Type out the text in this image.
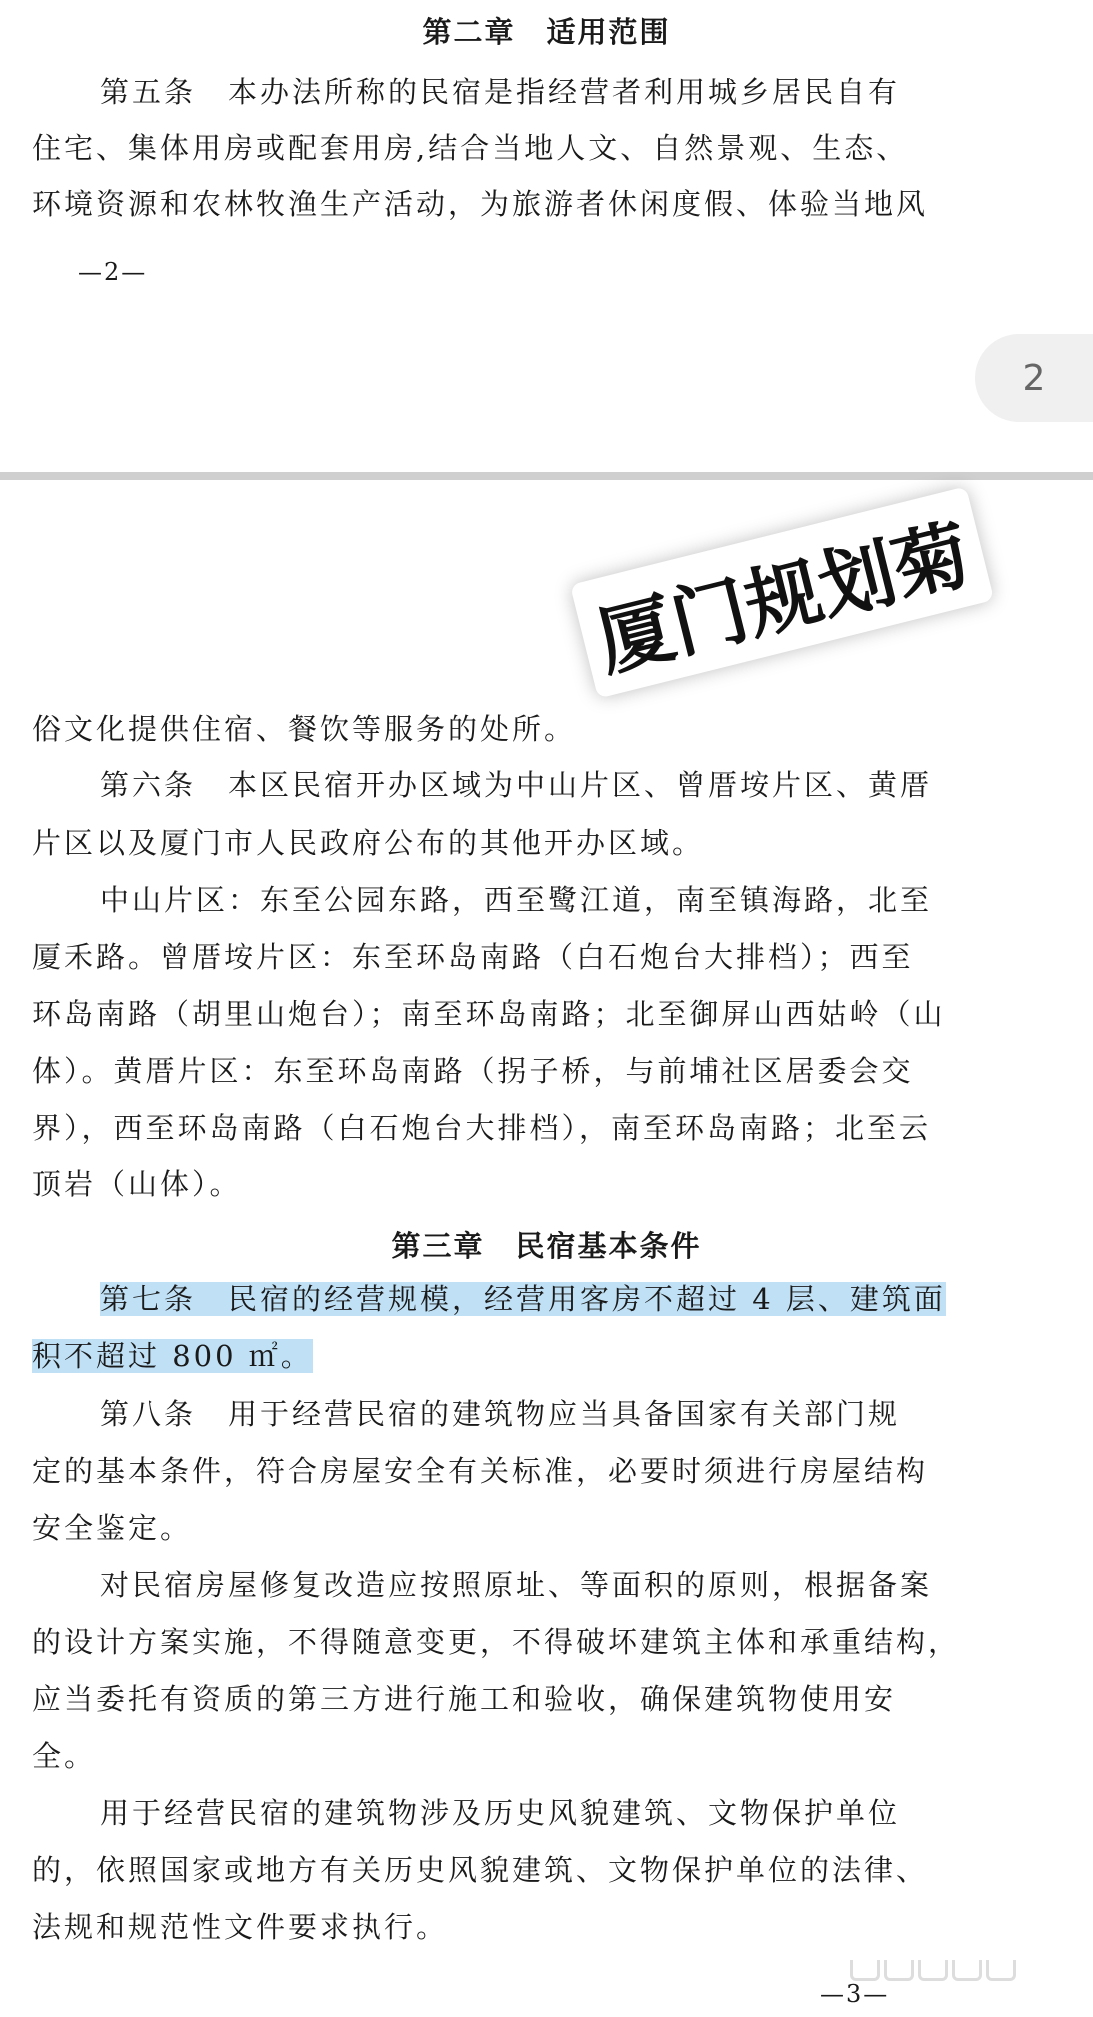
第二章　适用范围
第五条　本办法所称的民宿是指经营者利用城乡居民自有
住宅、集体用房或配套用房,结合当地人文、自然景观、生态、
环境资源和农林牧渔生产活动，为旅游者休闲度假、体验当地风
—2—
2
俗文化提供住宿、餐饮等服务的处所。
第六条　本区民宿开办区域为中山片区、曾厝垵片区、黄厝
片区以及厦门市人民政府公布的其他开办区域。
中山片区：东至公园东路，西至鹭江道，南至镇海路，北至
厦禾路。曾厝垵片区：东至环岛南路（白石炮台大排档）；西至
环岛南路（胡里山炮台）；南至环岛南路；北至御屏山西姑岭（山
体）。黄厝片区：东至环岛南路（拐子桥，与前埔社区居委会交
界），西至环岛南路（白石炮台大排档），南至环岛南路；北至云
顶岩（山体）。
第三章　民宿基本条件
第七条　民宿的经营规模，经营用客房不超过 4 层、建筑面
积不超过 800 ㎡。
第八条　用于经营民宿的建筑物应当具备国家有关部门规
定的基本条件，符合房屋安全有关标准，必要时须进行房屋结构
安全鉴定。
对民宿房屋修复改造应按照原址、等面积的原则，根据备案
的设计方案实施，不得随意变更，不得破坏建筑主体和承重结构，
应当委托有资质的第三方进行施工和验收，确保建筑物使用安
全。
用于经营民宿的建筑物涉及历史风貌建筑、文物保护单位
的，依照国家或地方有关历史风貌建筑、文物保护单位的法律、
法规和规范性文件要求执行。
—3—
厦门规划菊
